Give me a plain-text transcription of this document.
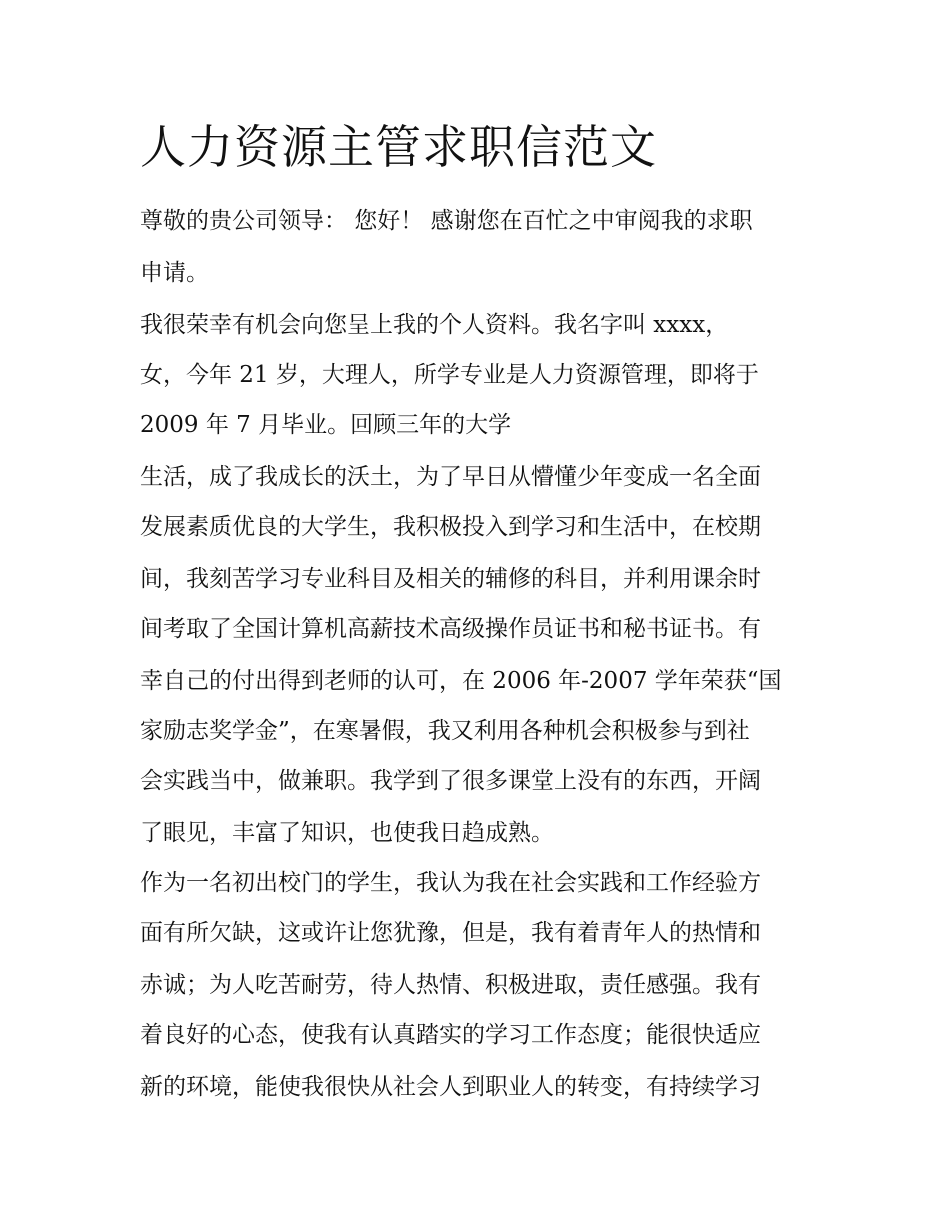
人力资源主管求职信范文

尊敬的贵公司领导： 您好！ 感谢您在百忙之中审阅我的求职

申请。

我很荣幸有机会向您呈上我的个人资料。我名字叫 xxxx，

女，今年 21 岁，大理人，所学专业是人力资源管理，即将于

2009 年 7 月毕业。回顾三年的大学

生活，成了我成长的沃土，为了早日从懵懂少年变成一名全面

发展素质优良的大学生，我积极投入到学习和生活中，在校期

间，我刻苦学习专业科目及相关的辅修的科目，并利用课余时

间考取了全国计算机高薪技术高级操作员证书和秘书证书。有

幸自己的付出得到老师的认可，在 2006 年-2007 学年荣获“国

家励志奖学金”，在寒暑假，我又利用各种机会积极参与到社

会实践当中，做兼职。我学到了很多课堂上没有的东西，开阔

了眼见，丰富了知识，也使我日趋成熟。

作为一名初出校门的学生，我认为我在社会实践和工作经验方

面有所欠缺，这或许让您犹豫，但是，我有着青年人的热情和

赤诚；为人吃苦耐劳，待人热情、积极进取，责任感强。我有

着良好的心态，使我有认真踏实的学习工作态度；能很快适应

新的环境，能使我很快从社会人到职业人的转变，有持续学习
